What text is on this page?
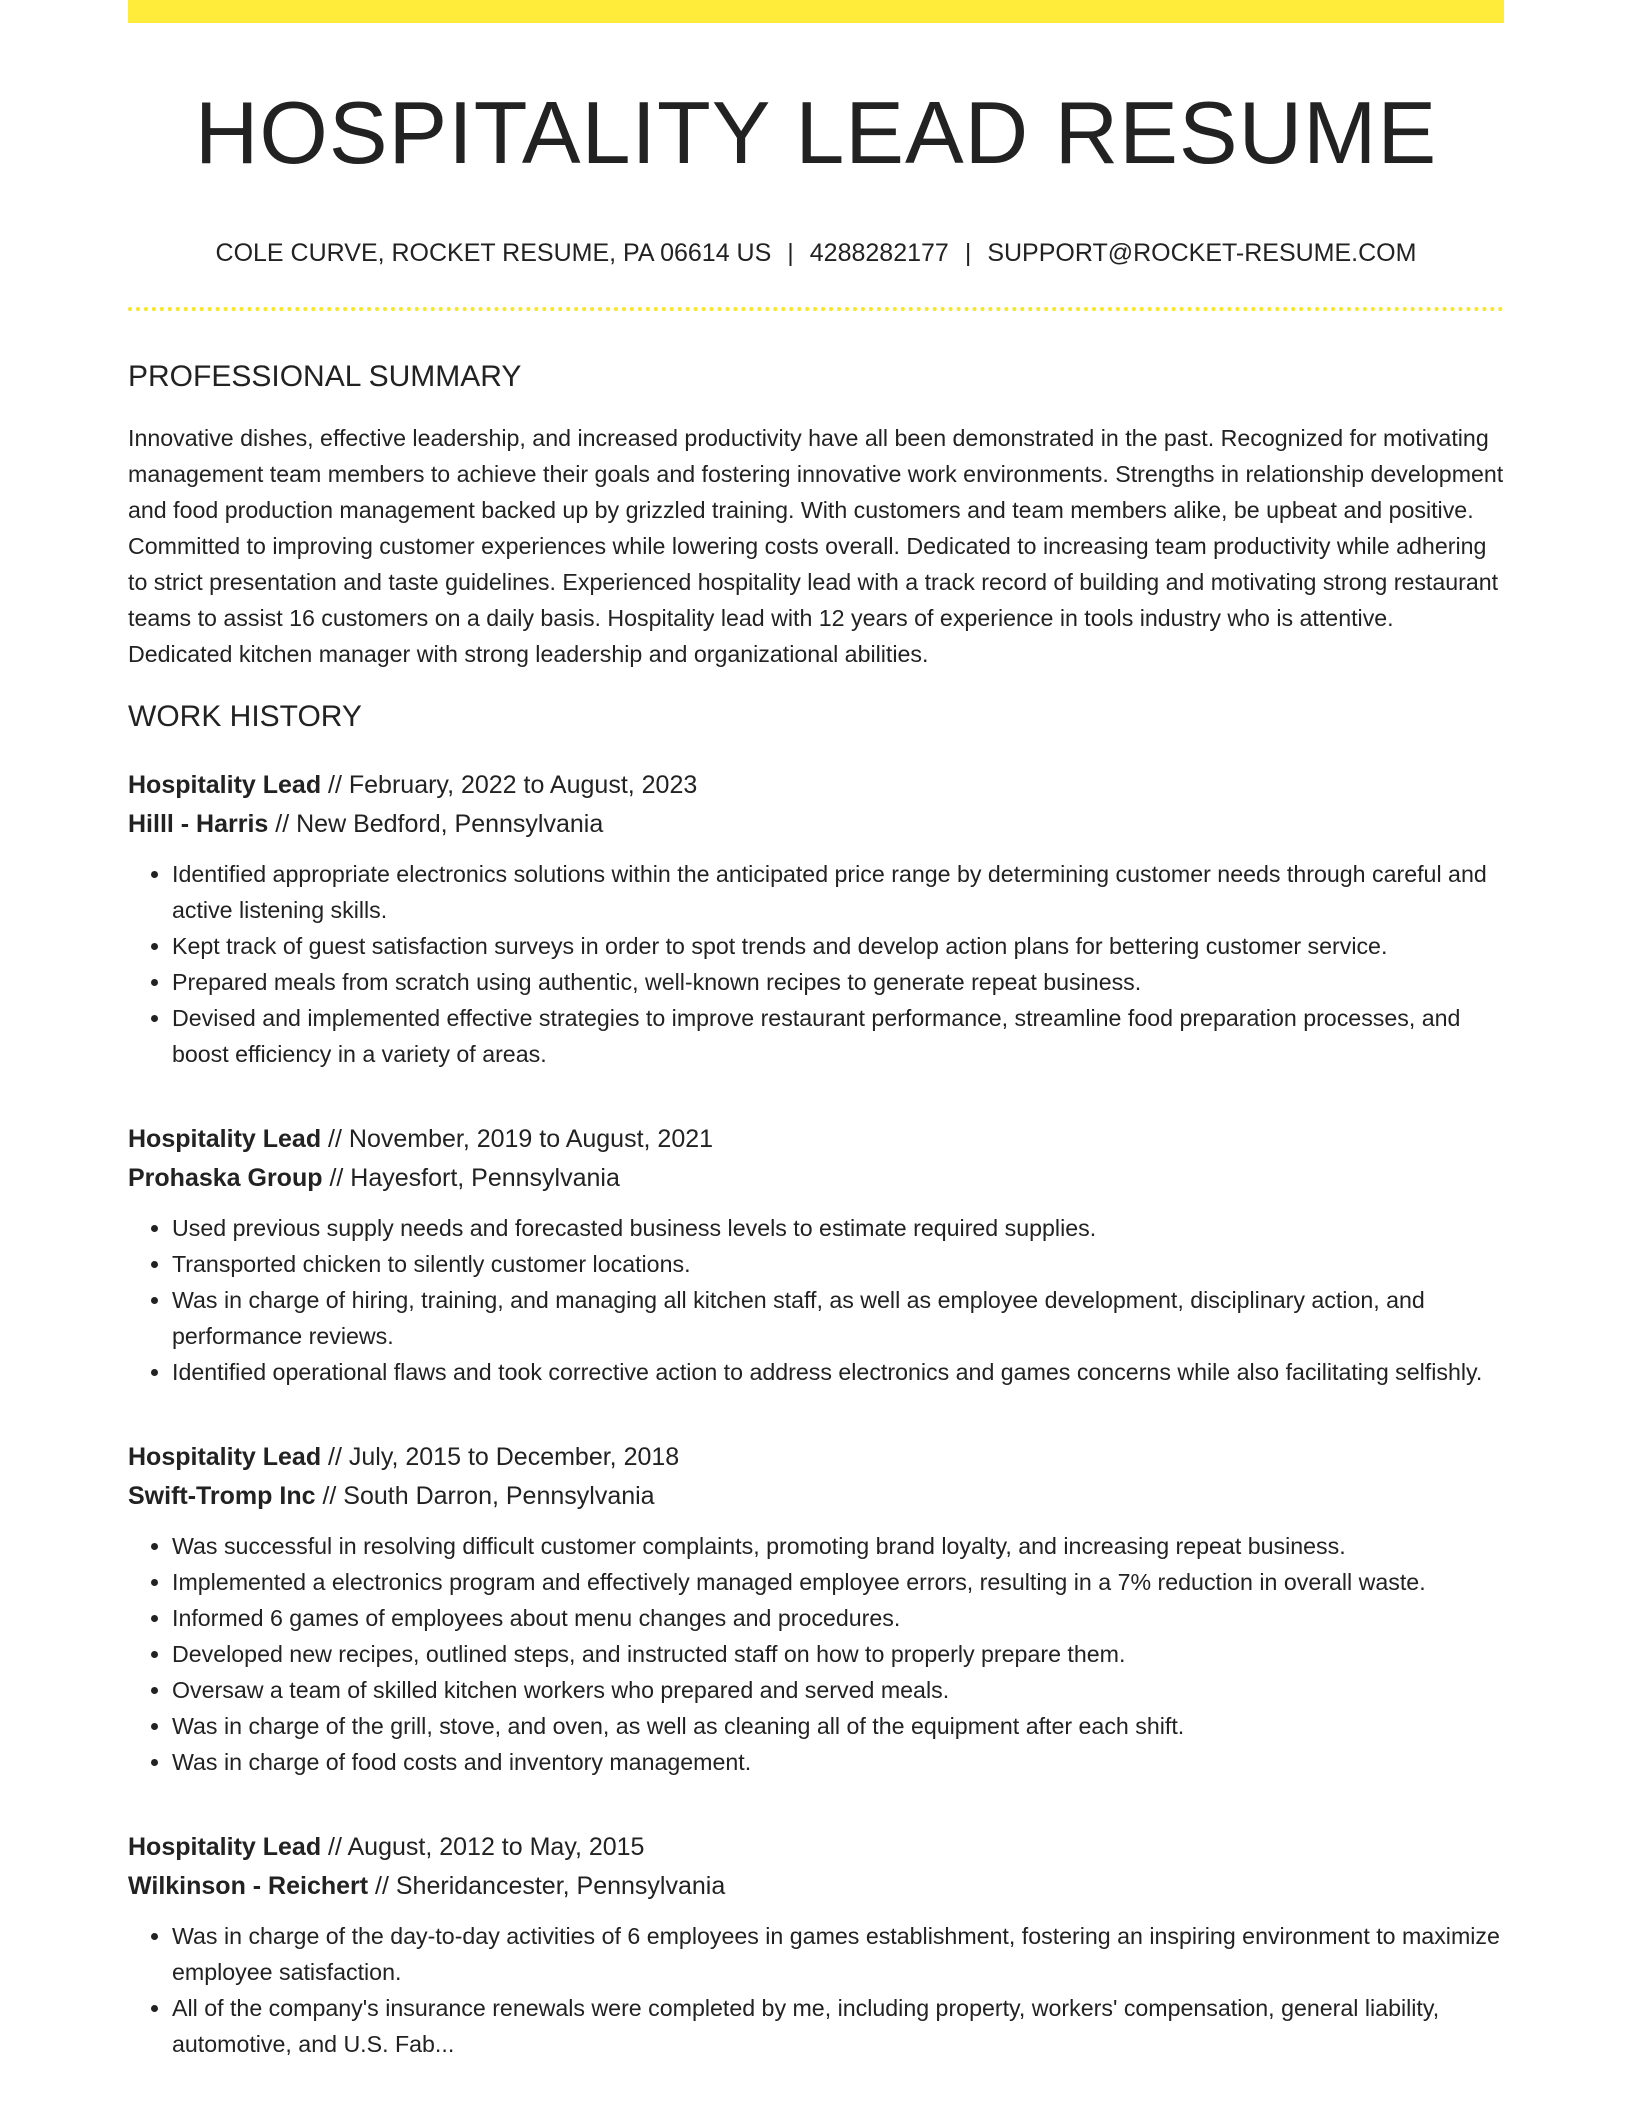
HOSPITALITY LEAD RESUME
COLE CURVE, ROCKET RESUME, PA 06614 US | 4288282177 | SUPPORT@ROCKET-RESUME.COM
PROFESSIONAL SUMMARY

Innovative dishes, effective leadership, and increased productivity have all been demonstrated in the past. Recognized for motivating management team members to achieve their goals and fostering innovative work environments. Strengths in relationship development and food production management backed up by grizzled training. With customers and team members alike, be upbeat and positive. Committed to improving customer experiences while lowering costs overall. Dedicated to increasing team productivity while adhering to strict presentation and taste guidelines. Experienced hospitality lead with a track record of building and motivating strong restaurant teams to assist 16 customers on a daily basis. Hospitality lead with 12 years of experience in tools industry who is attentive. Dedicated kitchen manager with strong leadership and organizational abilities.

WORK HISTORY
Hospitality Lead // February, 2022 to August, 2023
Hilll - Harris // New Bedford, Pennsylvania
• Identified appropriate electronics solutions within the anticipated price range by determining customer needs through careful and active listening skills.
• Kept track of guest satisfaction surveys in order to spot trends and develop action plans for bettering customer service.
• Prepared meals from scratch using authentic, well-known recipes to generate repeat business.
• Devised and implemented effective strategies to improve restaurant performance, streamline food preparation processes, and boost efficiency in a variety of areas.
Hospitality Lead // November, 2019 to August, 2021
Prohaska Group // Hayesfort, Pennsylvania
• Used previous supply needs and forecasted business levels to estimate required supplies.
• Transported chicken to silently customer locations.
• Was in charge of hiring, training, and managing all kitchen staff, as well as employee development, disciplinary action, and performance reviews.
• Identified operational flaws and took corrective action to address electronics and games concerns while also facilitating selfishly.
Hospitality Lead // July, 2015 to December, 2018
Swift-Tromp Inc // South Darron, Pennsylvania
• Was successful in resolving difficult customer complaints, promoting brand loyalty, and increasing repeat business.
• Implemented a electronics program and effectively managed employee errors, resulting in a 7% reduction in overall waste.
• Informed 6 games of employees about menu changes and procedures.
• Developed new recipes, outlined steps, and instructed staff on how to properly prepare them.
• Oversaw a team of skilled kitchen workers who prepared and served meals.
• Was in charge of the grill, stove, and oven, as well as cleaning all of the equipment after each shift.
• Was in charge of food costs and inventory management.
Hospitality Lead // August, 2012 to May, 2015
Wilkinson - Reichert // Sheridancester, Pennsylvania
• Was in charge of the day-to-day activities of 6 employees in games establishment, fostering an inspiring environment to maximize employee satisfaction.
• All of the company's insurance renewals were completed by me, including property, workers' compensation, general liability, automotive, and U.S. Fab...
